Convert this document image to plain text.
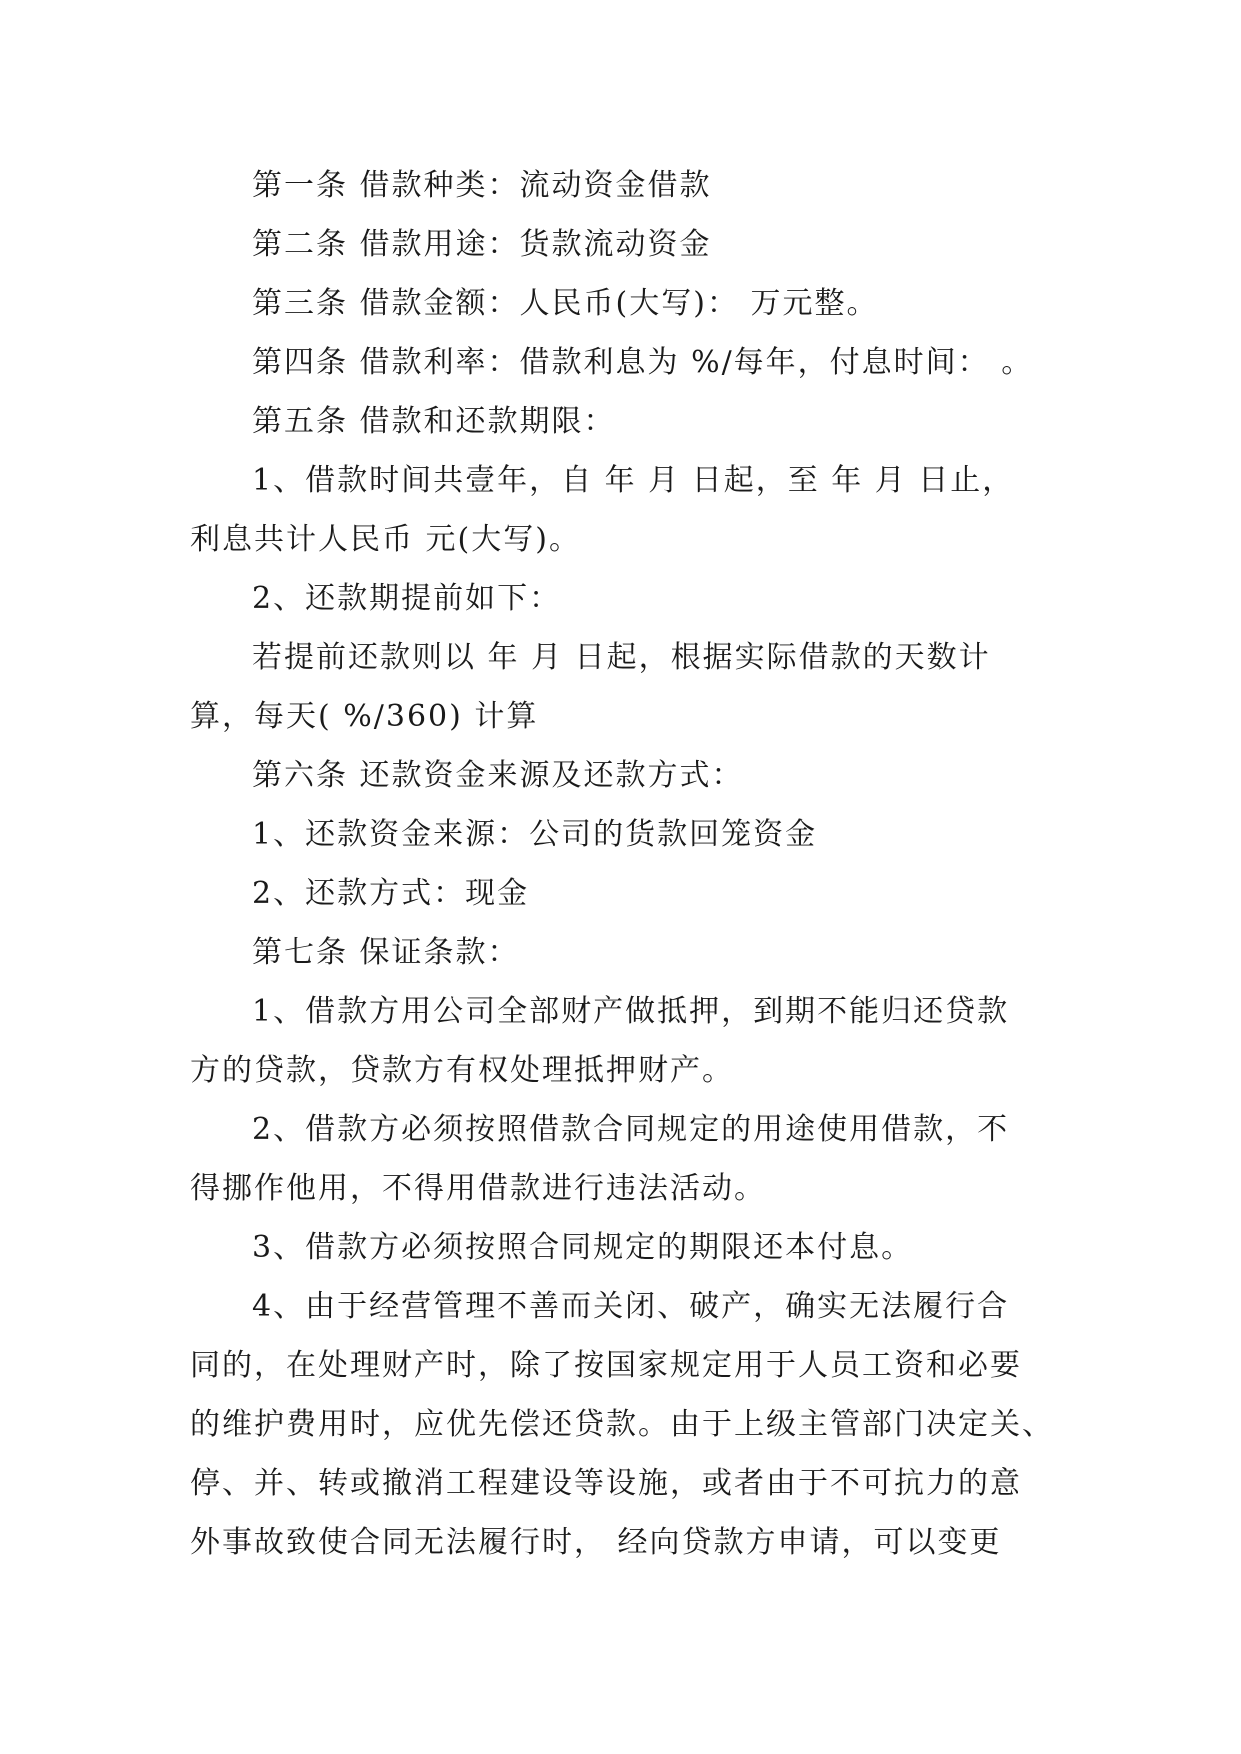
第一条 借款种类：流动资金借款
第二条 借款用途：货款流动资金
第三条 借款金额：人民币(大写)： 万元整。
第四条 借款利率：借款利息为 %/每年，付息时间： 。
第五条 借款和还款期限：
1、借款时间共壹年，自 年 月 日起，至 年 月 日止，
利息共计人民币 元(大写)。
2、还款期提前如下：
若提前还款则以 年 月 日起，根据实际借款的天数计
算，每天( %/360) 计算
第六条 还款资金来源及还款方式：
1、还款资金来源：公司的货款回笼资金
2、还款方式：现金
第七条 保证条款：
1、借款方用公司全部财产做抵押，到期不能归还贷款
方的贷款，贷款方有权处理抵押财产。
2、借款方必须按照借款合同规定的用途使用借款，不
得挪作他用，不得用借款进行违法活动。
3、借款方必须按照合同规定的期限还本付息。
4、由于经营管理不善而关闭、破产，确实无法履行合
同的，在处理财产时，除了按国家规定用于人员工资和必要
的维护费用时，应优先偿还贷款。由于上级主管部门决定关、
停、并、转或撤消工程建设等设施，或者由于不可抗力的意
外事故致使合同无法履行时， 经向贷款方申请，可以变更
